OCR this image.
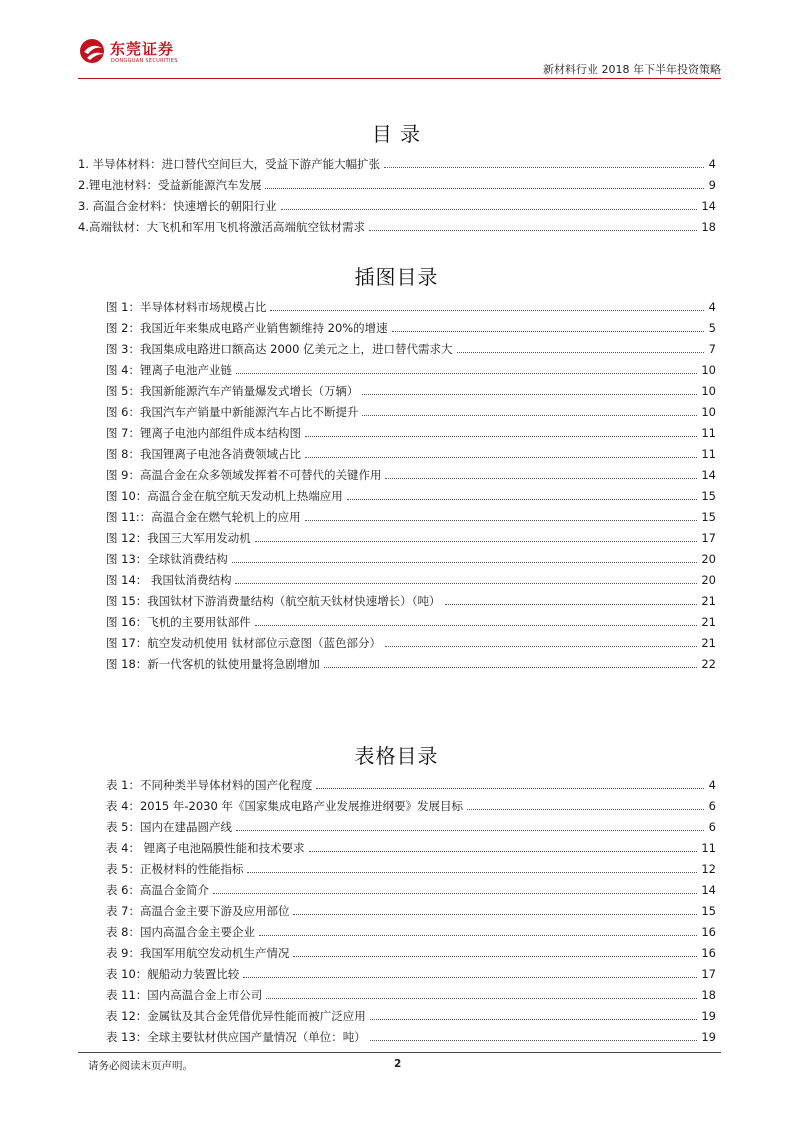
东莞证券
DONGGUAN SECURITIES
新材料行业 2018 年下半年投资策略
目 录
1. 半导体材料：进口替代空间巨大，受益下游产能大幅扩张	4
2.锂电池材料：受益新能源汽车发展	9
3. 高温合金材料：快速增长的朝阳行业	14
4.高端钛材：大飞机和军用飞机将激活高端航空钛材需求	18
插图目录
图 1：半导体材料市场规模占比	4
图 2：我国近年来集成电路产业销售额维持 20%的增速	5
图 3：我国集成电路进口额高达 2000 亿美元之上，进口替代需求大	7
图 4：锂离子电池产业链	10
图 5：我国新能源汽车产销量爆发式增长（万辆）	10
图 6：我国汽车产销量中新能源汽车占比不断提升	10
图 7：锂离子电池内部组件成本结构图	11
图 8：我国锂离子电池各消费领域占比	11
图 9：高温合金在众多领域发挥着不可替代的关键作用	14
图 10：高温合金在航空航天发动机上热端应用	15
图 11:：高温合金在燃气轮机上的应用	15
图 12：我国三大军用发动机	17
图 13：全球钛消费结构	20
图 14： 我国钛消费结构	20
图 15：我国钛材下游消费量结构（航空航天钛材快速增长）（吨）	21
图 16：飞机的主要用钛部件	21
图 17：航空发动机使用 钛材部位示意图（蓝色部分）	21
图 18：新一代客机的钛使用量将急剧增加	22
表格目录
表 1：不同种类半导体材料的国产化程度	4
表 4：2015 年-2030 年《国家集成电路产业发展推进纲要》发展目标	6
表 5：国内在建晶圆产线	6
表 4： 锂离子电池隔膜性能和技术要求	11
表 5：正极材料的性能指标	12
表 6：高温合金简介	14
表 7：高温合金主要下游及应用部位	15
表 8：国内高温合金主要企业	16
表 9：我国军用航空发动机生产情况	16
表 10：舰船动力装置比较	17
表 11：国内高温合金上市公司	18
表 12：金属钛及其合金凭借优异性能而被广泛应用	19
表 13：全球主要钛材供应国产量情况（单位：吨）	19
请务必阅读末页声明。	2
